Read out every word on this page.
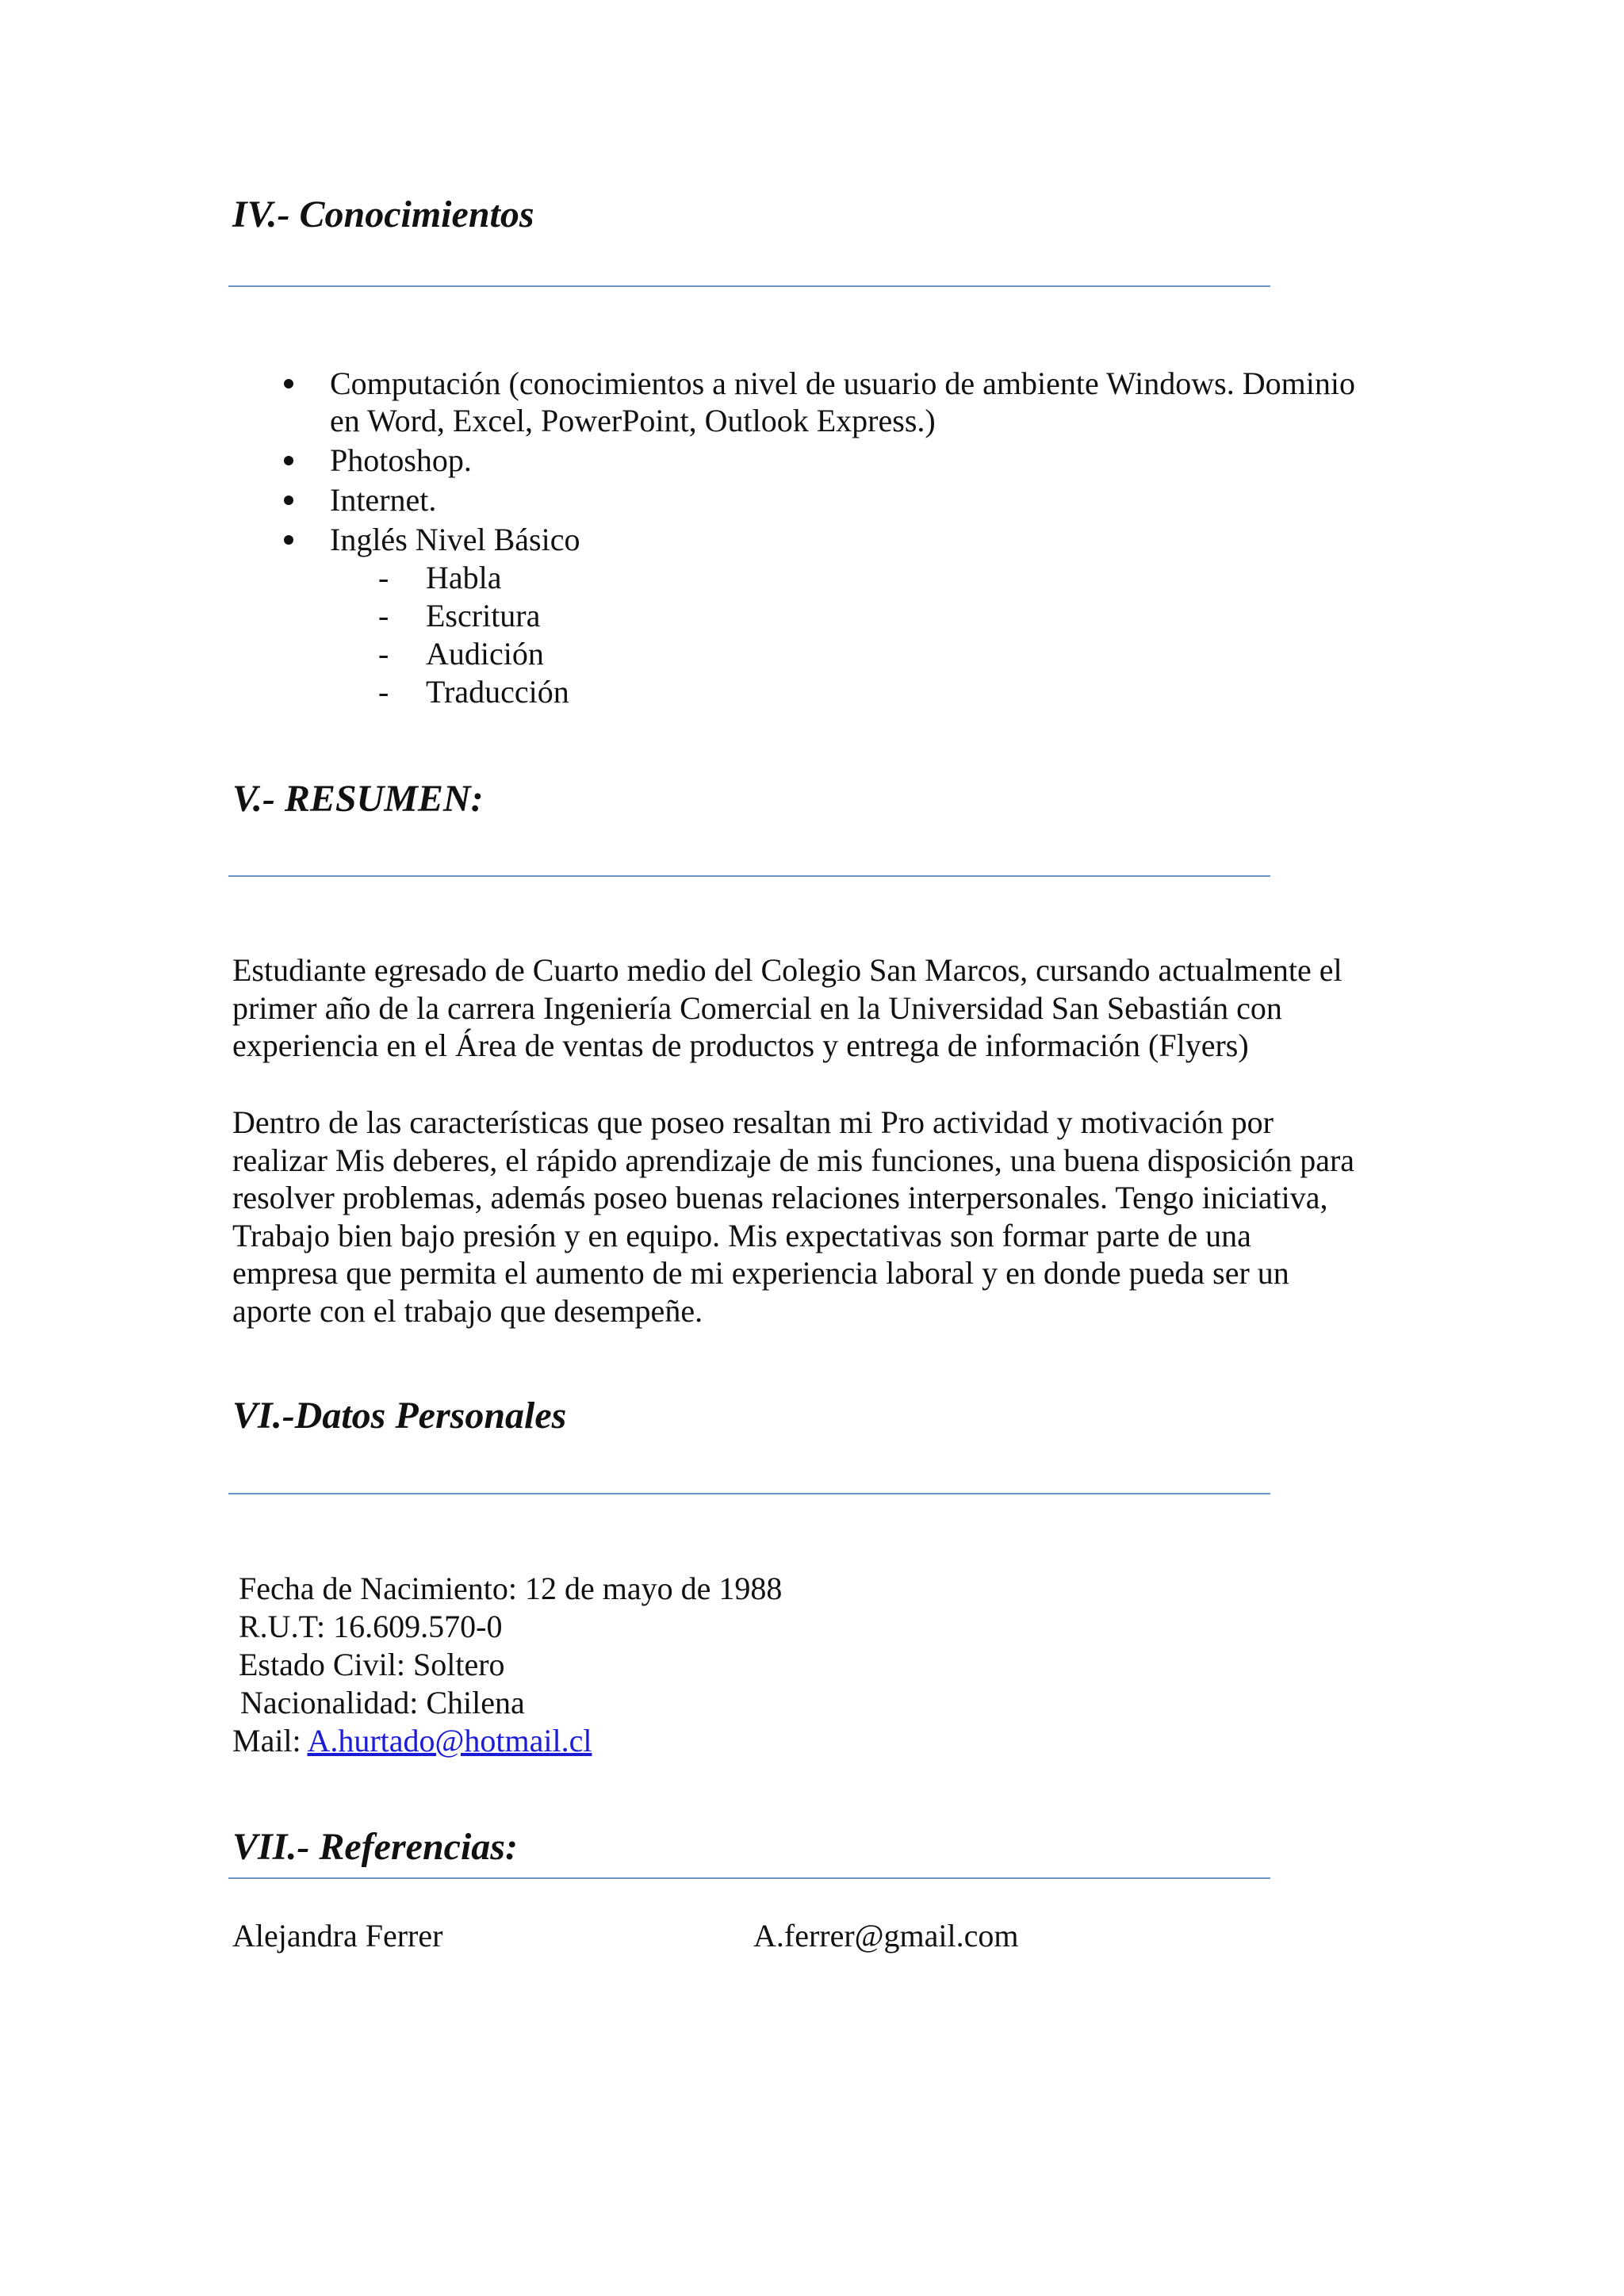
IV.- Conocimientos
Computación (conocimientos a nivel de usuario de ambiente Windows. Dominio
en Word, Excel, PowerPoint, Outlook Express.)
Photoshop.
Internet.
Inglés Nivel Básico
- Habla
- Escritura
- Audición
- Traducción
V.- RESUMEN:
Estudiante egresado de Cuarto medio del Colegio San Marcos, cursando actualmente el
primer año de la carrera Ingeniería Comercial en la Universidad San Sebastián con
experiencia en el Área de ventas de productos y entrega de información (Flyers)
Dentro de las características que poseo resaltan mi Pro actividad y motivación por
realizar Mis deberes, el rápido aprendizaje de mis funciones, una buena disposición para
resolver problemas, además poseo buenas relaciones interpersonales. Tengo iniciativa,
Trabajo bien bajo presión y en equipo. Mis expectativas son formar parte de una
empresa que permita el aumento de mi experiencia laboral y en donde pueda ser un
aporte con el trabajo que desempeñe.
VI.-Datos Personales
Fecha de Nacimiento: 12 de mayo de 1988
R.U.T: 16.609.570-0
Estado Civil: Soltero
Nacionalidad: Chilena
Mail: A.hurtado@hotmail.cl
VII.- Referencias:
Alejandra Ferrer	A.ferrer@gmail.com
